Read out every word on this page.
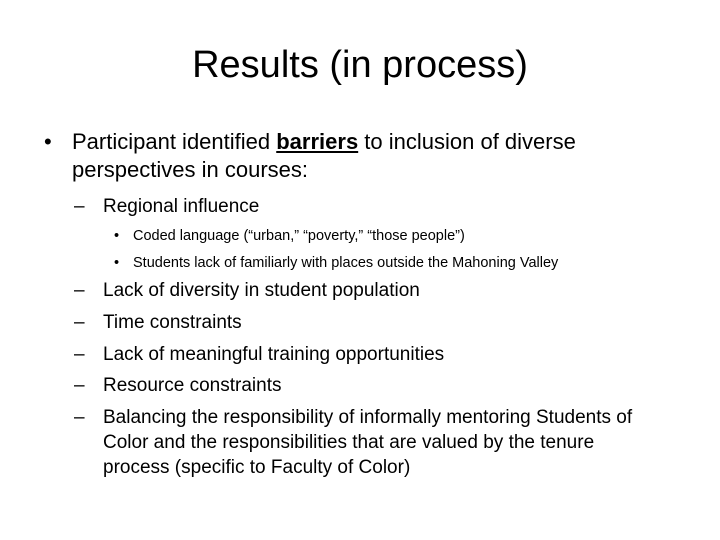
Results (in process)
• Participant identified barriers to inclusion of diverse perspectives in courses:
– Regional influence
• Coded language (“urban,” “poverty,” “those people”)
• Students lack of familiarly with places outside the Mahoning Valley
– Lack of diversity in student population
– Time constraints
– Lack of meaningful training opportunities
– Resource constraints
– Balancing the responsibility of informally mentoring Students of Color and the responsibilities that are valued by the tenure process (specific to Faculty of Color)
